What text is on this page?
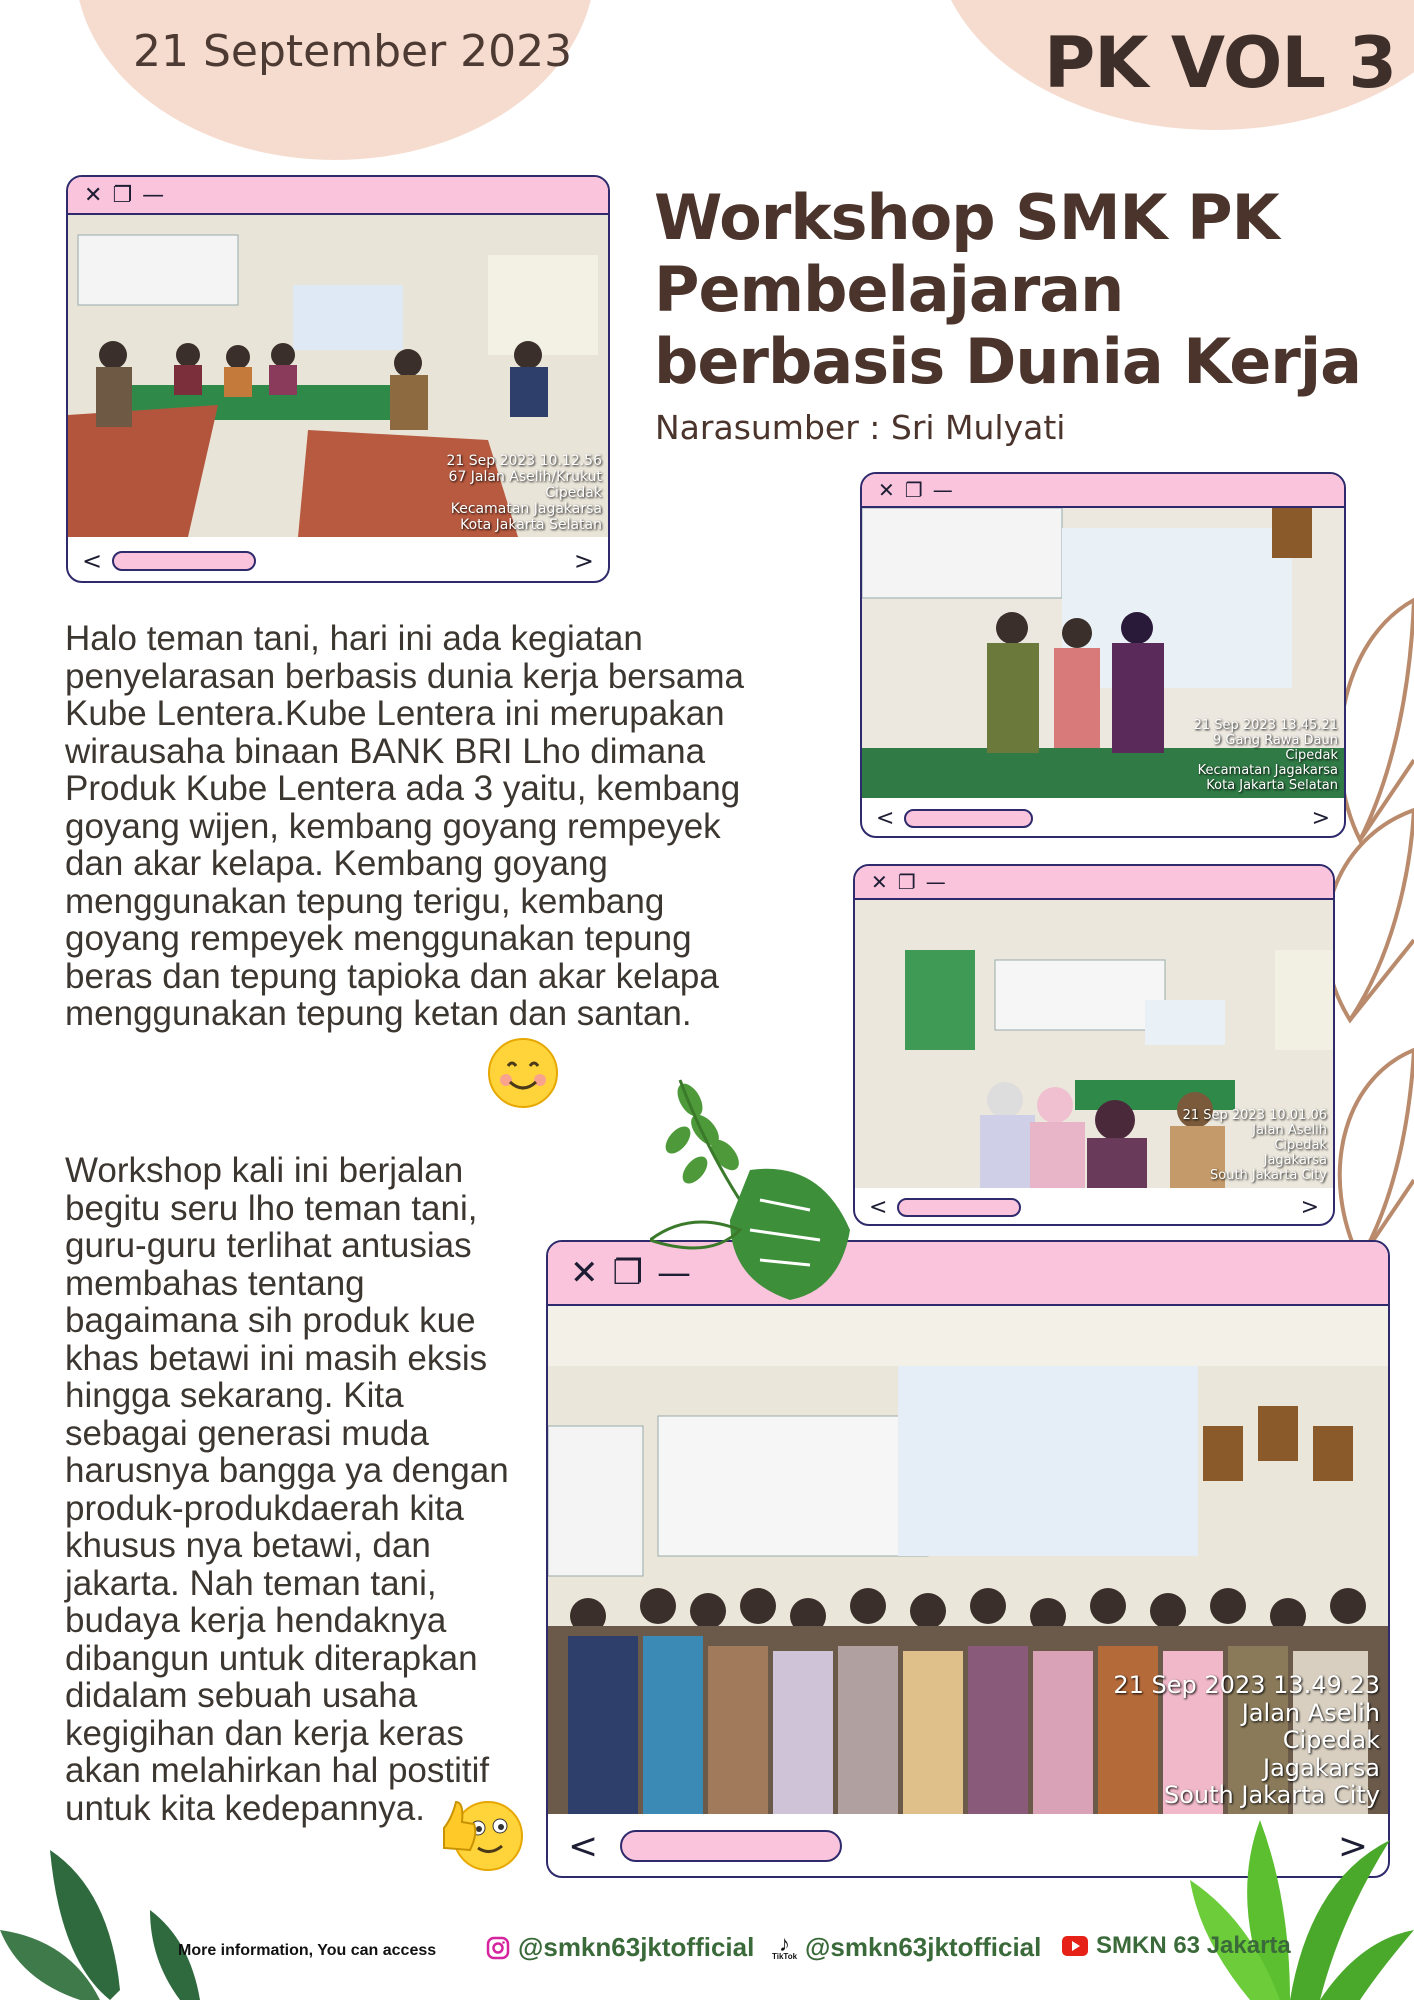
21 September 2023	PK VOL 3
Workshop SMK PK Pembelajaran berbasis Dunia Kerja
Narasumber : Sri Mulyati
✕ ❐ —
21 Sep 2023 10.12.56
67 Jalan Aselih/Krukut
Cipedak
Kecamatan Jagakarsa
Kota Jakarta Selatan
<	>
✕ ❐ —
21 Sep 2023 13.45.21
9 Gang Rawa Daun
Cipedak
Kecamatan Jagakarsa
Kota Jakarta Selatan
<	>
✕ ❐ —
21 Sep 2023 10.01.06
Jalan Aselih
Cipedak
Jagakarsa
South Jakarta City
<	>
✕ ❐ —
21 Sep 2023 13.49.23
Jalan Aselih
Cipedak
Jagakarsa
South Jakarta City
<	>
Halo teman tani, hari ini ada kegiatan penyelarasan berbasis dunia kerja bersama Kube Lentera.Kube Lentera ini merupakan wirausaha binaan BANK BRI Lho dimana Produk Kube Lentera ada 3 yaitu, kembang goyang wijen, kembang goyang rempeyek dan akar kelapa. Kembang goyang menggunakan tepung terigu, kembang goyang rempeyek menggunakan tepung beras dan tepung tapioka dan akar kelapa menggunakan tepung ketan dan santan.
Workshop kali ini berjalan begitu seru lho teman tani, guru-guru terlihat antusias membahas tentang bagaimana sih produk kue khas betawi ini masih eksis hingga sekarang. Kita sebagai generasi muda harusnya bangga ya dengan produk-produkdaerah kita khusus nya betawi, dan jakarta. Nah teman tani, budaya kerja hendaknya dibangun untuk diterapkan didalam sebuah usaha kegigihan dan kerja keras akan melahirkan hal postitif untuk kita kedepannya.
More information, You can access	@smkn63jktofficial	♪
TikTok @smkn63jktofficial SMKN 63 Jakarta
